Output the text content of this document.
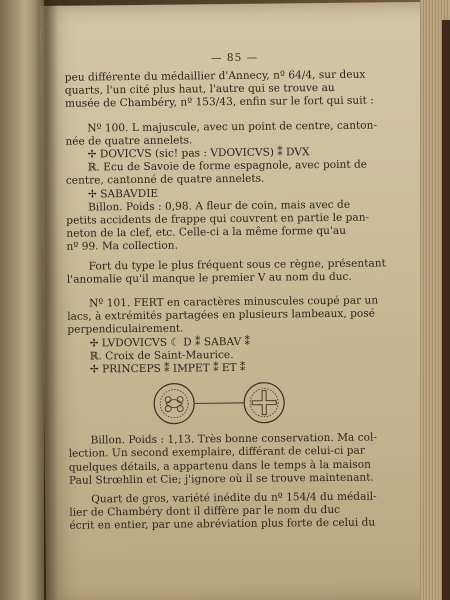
— 85 —

peu différente du médaillier d'Annecy, nº 64/4, sur deux

quarts, l'un cité plus haut, l'autre qui se trouve au

musée de Chambéry, nº 153/43, enfin sur le fort qui suit :

Nº 100. L majuscule, avec un point de centre, canton-

née de quatre annelets.

✢ DOVICVS (sic! pas : VDOVICVS) ⁑ DVX

ℝ. Ecu de Savoie de forme espagnole, avec point de

centre, cantonné de quatre annelets.

✢ SABAVDIE

Billon. Poids : 0,98. A fleur de coin, mais avec de

petits accidents de frappe qui couvrent en partie le pan-

neton de la clef, etc. Celle-ci a la même forme qu'au

nº 99. Ma collection.

Fort du type le plus fréquent sous ce règne, présentant

l'anomalie qu'il manque le premier V au nom du duc.

Nº 101. FERT en caractères minuscules coupé par un

lacs, à extrémités partagées en plusieurs lambeaux, posé

perpendiculairement.

✢ LVDOVICVS ☾ D ⁑ SABAV ⁑

ℝ. Croix de Saint-Maurice.

✢ PRINCEPS ⁑ IMPET ⁑ ET ⁑

Billon. Poids : 1,13. Très bonne conservation. Ma col-

lection. Un second exemplaire, différant de celui-ci par

quelques détails, a appartenu dans le temps à la maison

Paul Strœhlin et Cie; j'ignore où il se trouve maintenant.

Quart de gros, variété inédite du nº 154/4 du médail-

lier de Chambéry dont il diffère par le nom du duc

écrit en entier, par une abréviation plus forte de celui du
